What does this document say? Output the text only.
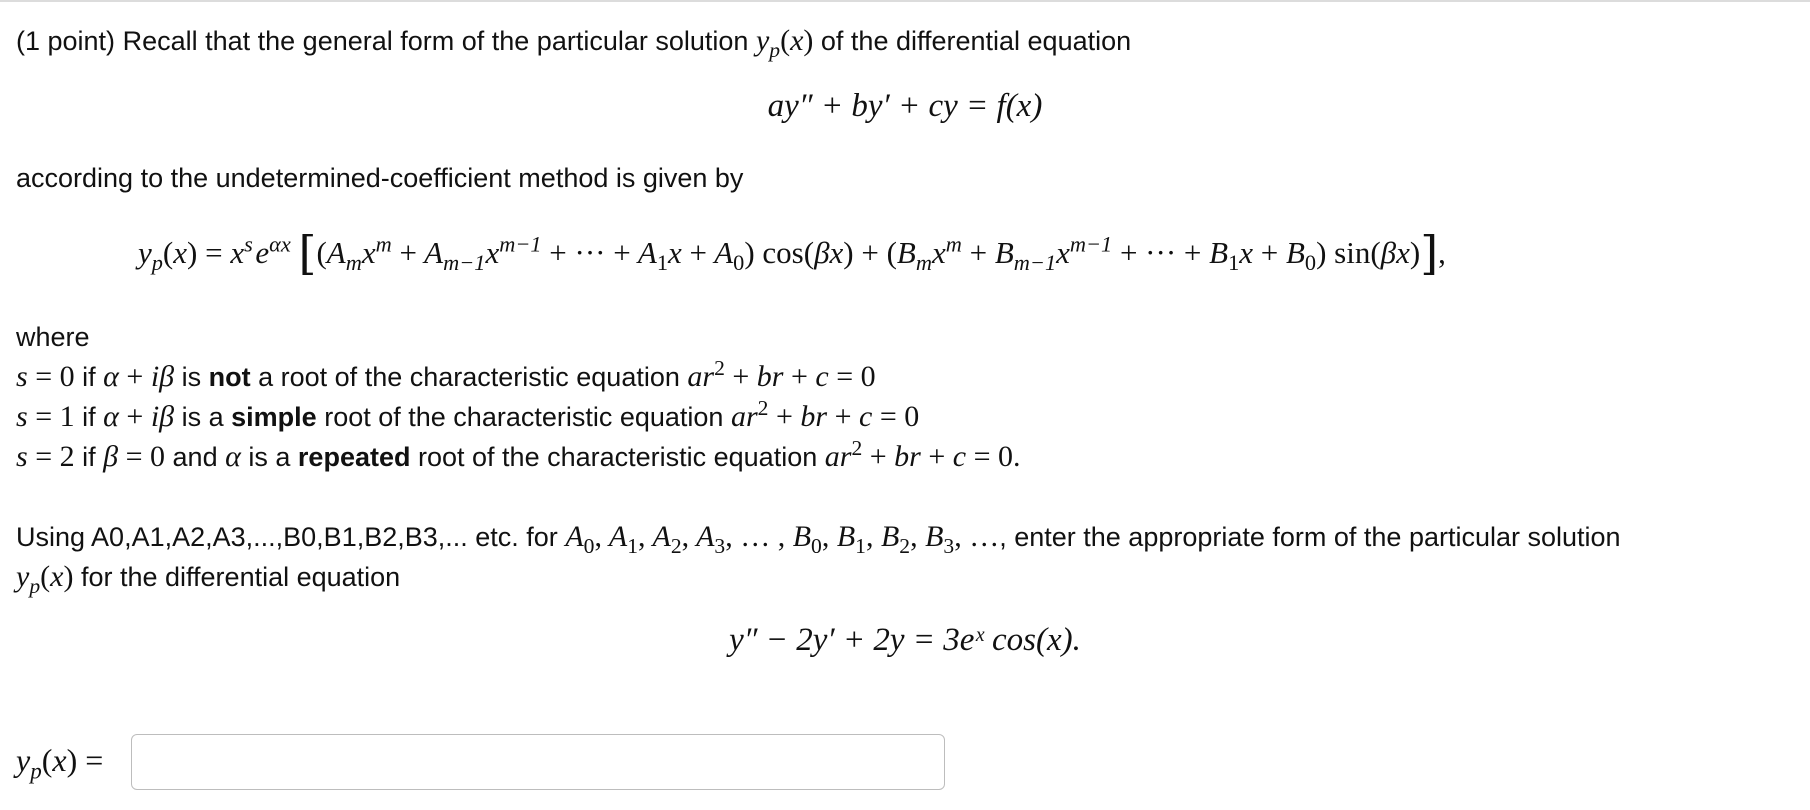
(1 point) Recall that the general form of the particular solution $y_p(x)$ of the differential equation
ay″ + by′ + cy = f(x)
according to the undetermined-coefficient method is given by
$y_p(x) = x^s$ $e^{\alpha x}$ [($A_mx^m + A_{m-1}x^{m-1}$ + ··· + $A_1x + A_0$) $\cos(\beta x) + (B_mx^m + B_{m-1}x^{m-1}$ + ··· + $B_1x + B_0$) sin(βx)],
where
s = 0 if α + iβ is not a root of the characteristic equation $ar^2$ + br + c = 0
s = 1 if α + iβ is a simple root of the characteristic equation $ar^2$ + br + c = 0
s = 2 if β = 0 and α is a repeated root of the characteristic equation $ar^2$ + br + c = 0.
Using A0,A1,A2,A3,...,B0,B1,B2,B3,... etc. for $A_0$, $A_1$, $A_2$, $A_3$, … , $B_0$, $B_1$, $B_2$, $B_3$, …, enter the appropriate form of the particular solution
$y_p(x)$ for the differential equation
y″ − 2y′ + 2y = 3eˣ cos(x).
$y_p(x)$ =
